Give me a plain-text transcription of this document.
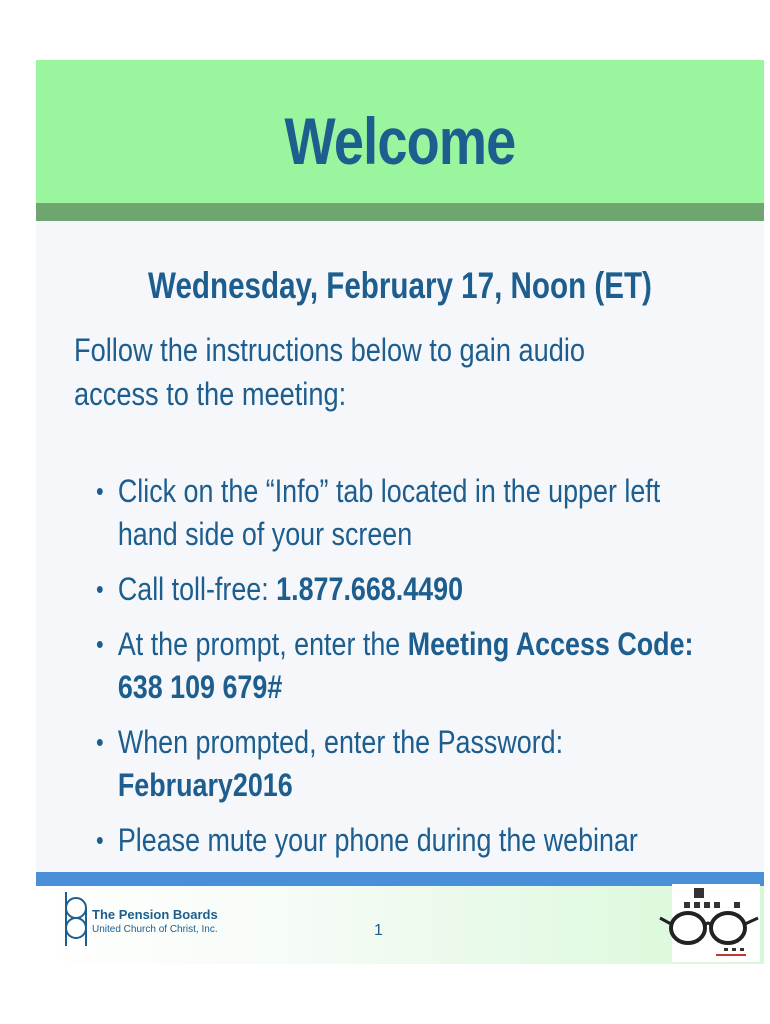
Welcome
Wednesday, February 17, Noon (ET)
Follow the instructions below to gain audio access to the meeting:
• Click on the “Info” tab located in the upper left hand side of your screen
• Call toll-free: 1.877.668.4490
• At the prompt, enter the Meeting Access Code: 638 109 679#
• When prompted, enter the Password: February2016
• Please mute your phone during the webinar
The Pension Boards
United Church of Christ, Inc.	1
